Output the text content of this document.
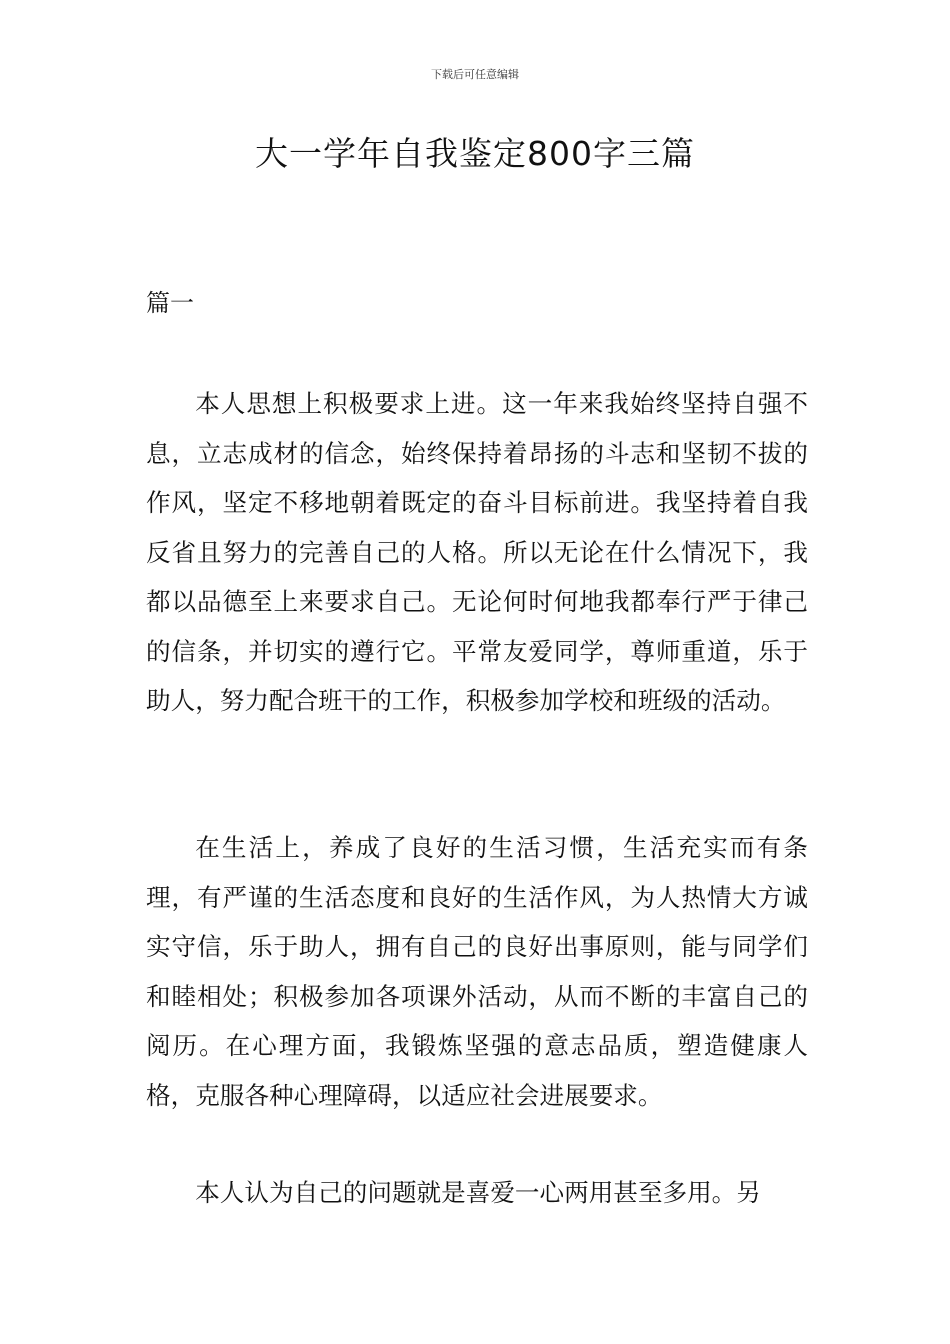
下载后可任意编辑
大一学年自我鉴定800字三篇
篇一

本人思想上积极要求上进。这一年来我始终坚持自强不息，立志成材的信念，始终保持着昂扬的斗志和坚韧不拔的作风，坚定不移地朝着既定的奋斗目标前进。我坚持着自我反省且努力的完善自己的人格。所以无论在什么情况下，我都以品德至上来要求自己。无论何时何地我都奉行严于律己的信条，并切实的遵行它。平常友爱同学，尊师重道，乐于助人，努力配合班干的工作，积极参加学校和班级的活动。

在生活上，养成了良好的生活习惯，生活充实而有条理，有严谨的生活态度和良好的生活作风，为人热情大方诚实守信，乐于助人，拥有自己的良好出事原则，能与同学们和睦相处；积极参加各项课外活动，从而不断的丰富自己的阅历。在心理方面，我锻炼坚强的意志品质，塑造健康人格，克服各种心理障碍，以适应社会进展要求。

本人认为自己的问题就是喜爱一心两用甚至多用。另
